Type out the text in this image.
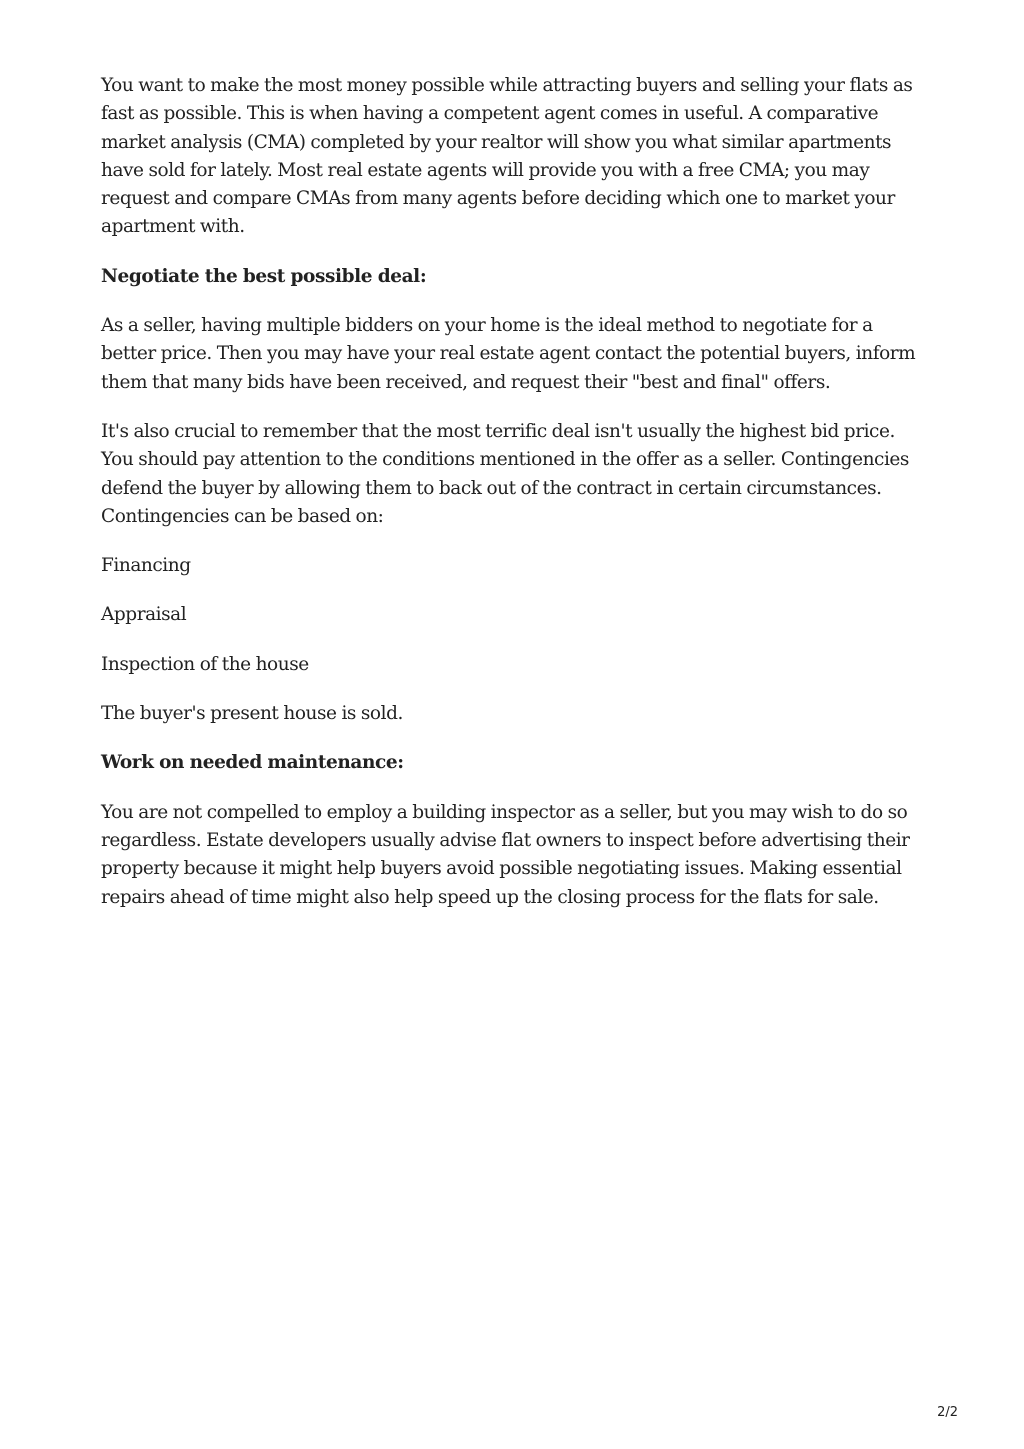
You want to make the most money possible while attracting buyers and selling your flats as fast as possible. This is when having a competent agent comes in useful. A comparative market analysis (CMA) completed by your realtor will show you what similar apartments have sold for lately. Most real estate agents will provide you with a free CMA; you may request and compare CMAs from many agents before deciding which one to market your apartment with.

Negotiate the best possible deal:

As a seller, having multiple bidders on your home is the ideal method to negotiate for a better price. Then you may have your real estate agent contact the potential buyers, inform them that many bids have been received, and request their "best and final" offers.

It's also crucial to remember that the most terrific deal isn't usually the highest bid price. You should pay attention to the conditions mentioned in the offer as a seller. Contingencies defend the buyer by allowing them to back out of the contract in certain circumstances. Contingencies can be based on:

Financing

Appraisal

Inspection of the house

The buyer's present house is sold.

Work on needed maintenance:

You are not compelled to employ a building inspector as a seller, but you may wish to do so regardless. Estate developers usually advise flat owners to inspect before advertising their property because it might help buyers avoid possible negotiating issues. Making essential repairs ahead of time might also help speed up the closing process for the flats for sale.

2/2
